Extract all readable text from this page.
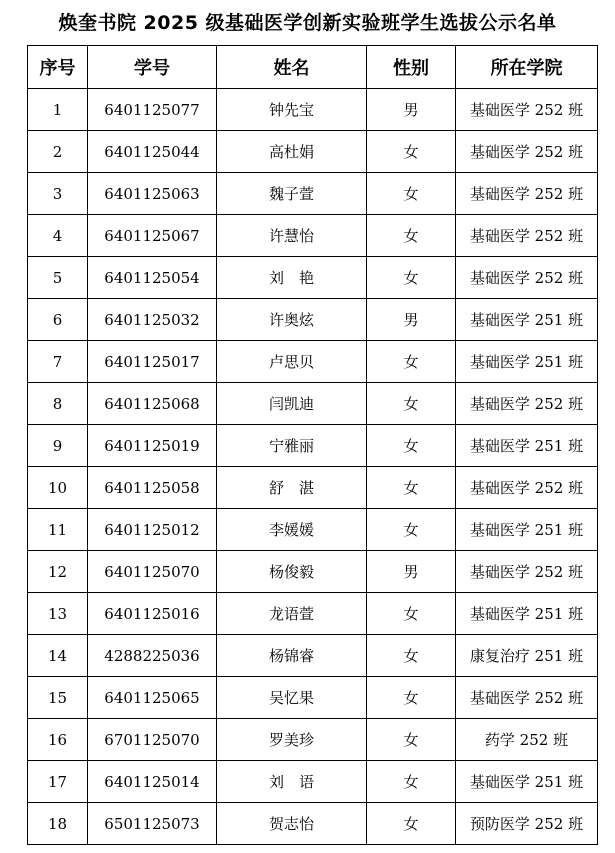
焕奎书院 2025 级基础医学创新实验班学生选拔公示名单
序号	学号	姓名	性别	所在学院
1	6401125077	钟先宝	男	基础医学 252 班
2	6401125044	高杜娟	女	基础医学 252 班
3	6401125063	魏子萱	女	基础医学 252 班
4	6401125067	许慧怡	女	基础医学 252 班
5	6401125054	刘　艳	女	基础医学 252 班
6	6401125032	许奥炫	男	基础医学 251 班
7	6401125017	卢思贝	女	基础医学 251 班
8	6401125068	闫凯迪	女	基础医学 252 班
9	6401125019	宁雅丽	女	基础医学 251 班
10	6401125058	舒　湛	女	基础医学 252 班
11	6401125012	李媛媛	女	基础医学 251 班
12	6401125070	杨俊毅	男	基础医学 252 班
13	6401125016	龙语萱	女	基础医学 251 班
14	4288225036	杨锦睿	女	康复治疗 251 班
15	6401125065	吴忆果	女	基础医学 252 班
16	6701125070	罗美珍	女	药学 252 班
17	6401125014	刘　语	女	基础医学 251 班
18	6501125073	贺志怡	女	预防医学 252 班
